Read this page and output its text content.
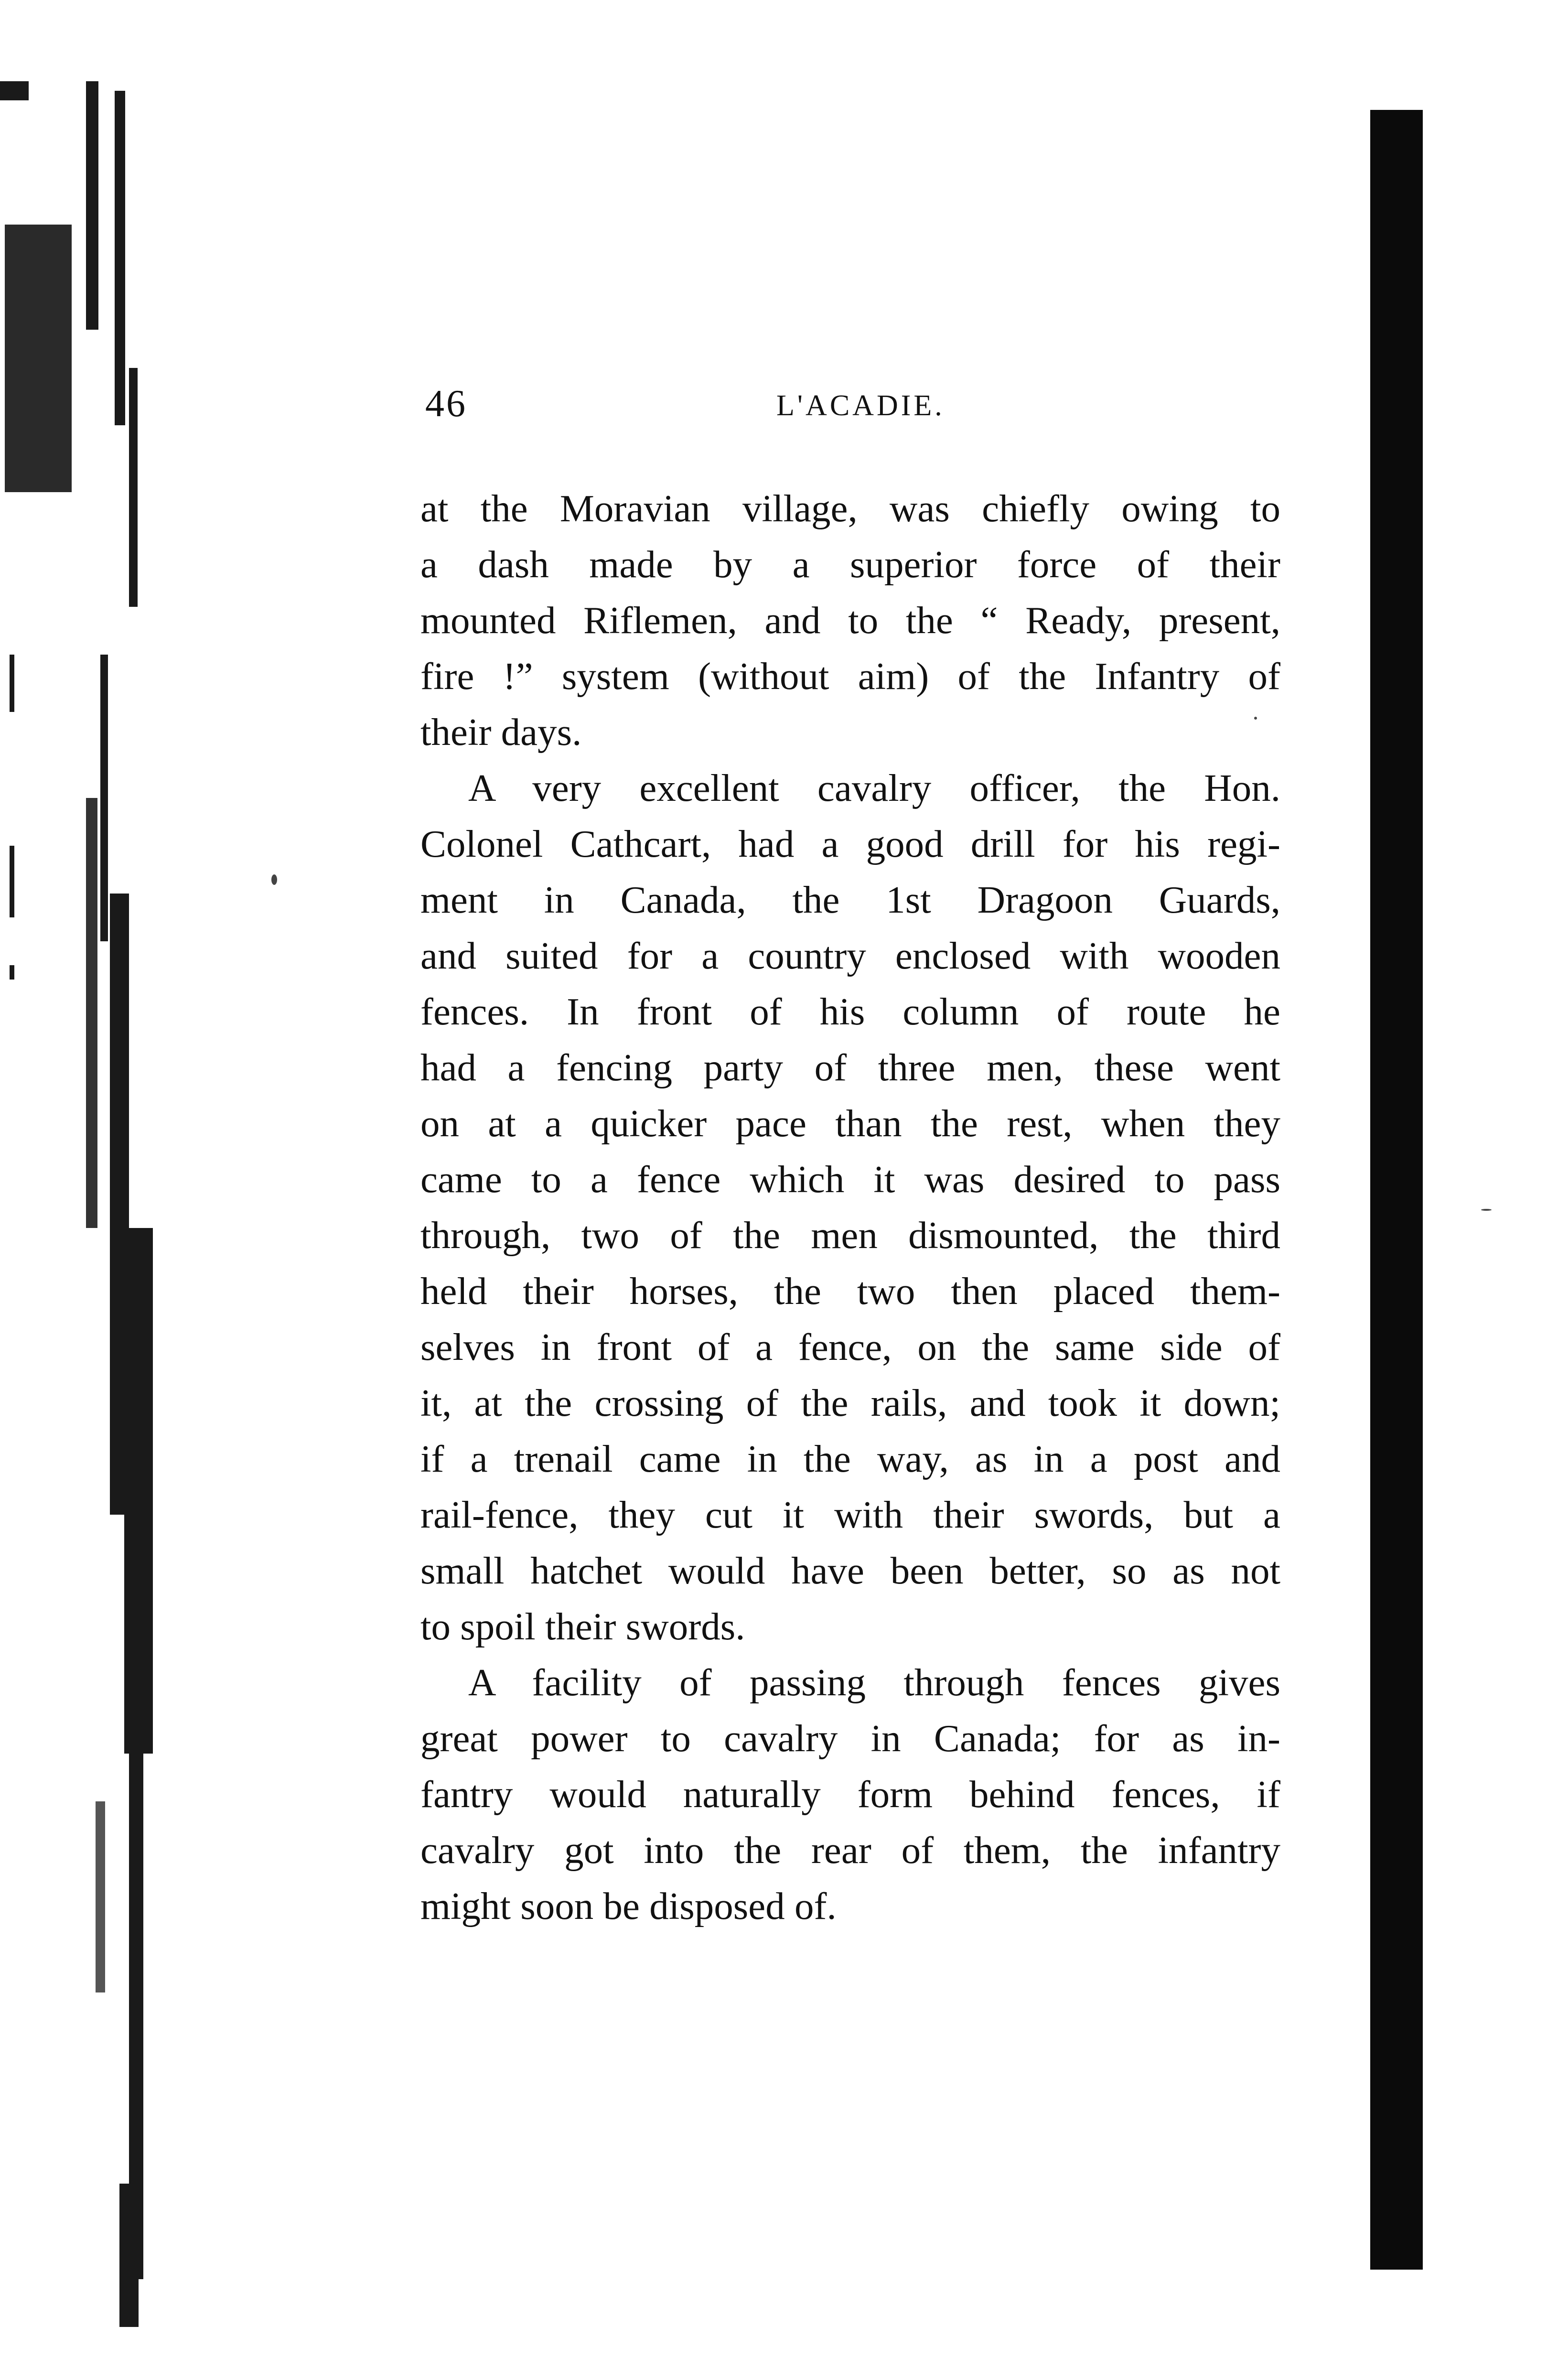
46	L'ACADIE.
at the Moravian village, was chiefly owing to
a dash made by a superior force of their
mounted Riflemen, and to the “ Ready, present,
fire !” system (without aim) of the Infantry of
their days.
A very excellent cavalry officer, the Hon.
Colonel Cathcart, had a good drill for his regi-
ment in Canada, the 1st Dragoon Guards,
and suited for a country enclosed with wooden
fences. In front of his column of route he
had a fencing party of three men, these went
on at a quicker pace than the rest, when they
came to a fence which it was desired to pass
through, two of the men dismounted, the third
held their horses, the two then placed them-
selves in front of a fence, on the same side of
it, at the crossing of the rails, and took it down;
if a trenail came in the way, as in a post and
rail-fence, they cut it with their swords, but a
small hatchet would have been better, so as not
to spoil their swords.
A facility of passing through fences gives
great power to cavalry in Canada; for as in-
fantry would naturally form behind fences, if
cavalry got into the rear of them, the infantry
might soon be disposed of.
